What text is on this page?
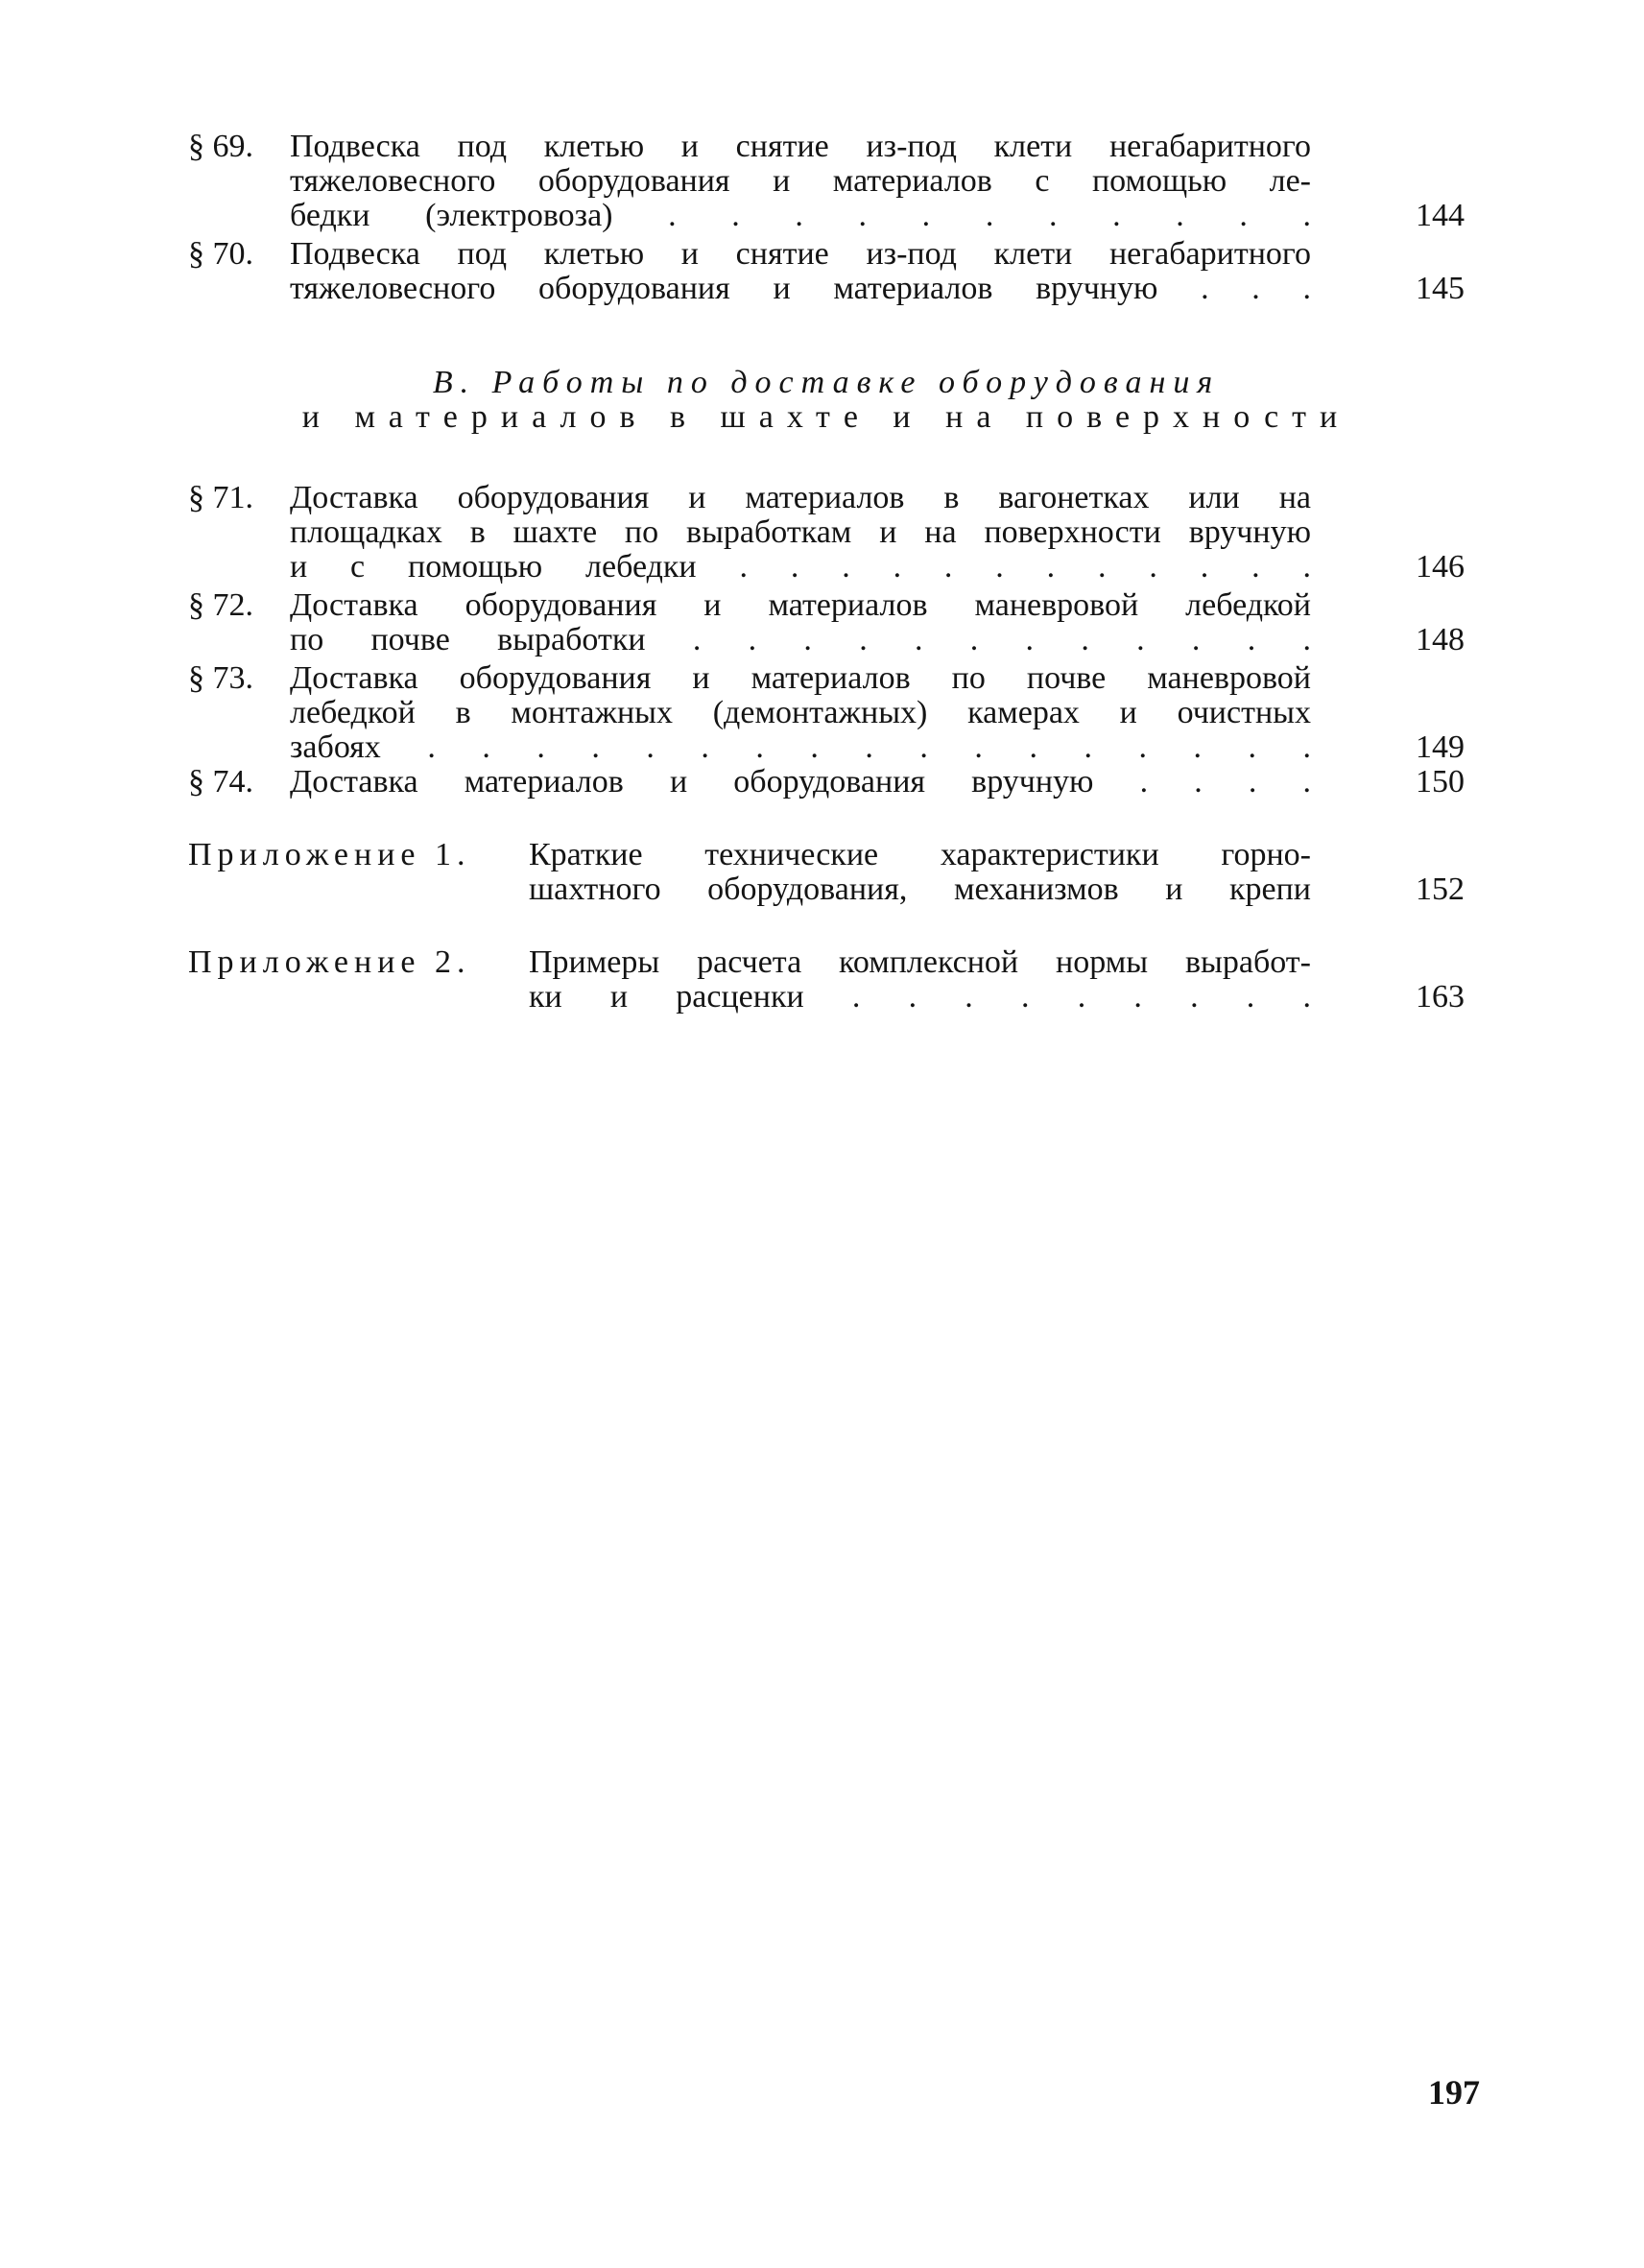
§ 69. Подвеска под клетью и снятие из-под клети негабаритного
тяжеловесного оборудования и материалов с помощью ле-
бедки (электровоза) . . . . . . . . . . .	144
§ 70. Подвеска под клетью и снятие из-под клети негабаритного
тяжеловесного оборудования и материалов вручную . . .	145
В. Работы по доставке оборудования
и материалов в шахте и на поверхности
§ 71. Доставка оборудования и материалов в вагонетках или на
площадках в шахте по выработкам и на поверхности вручную
и с помощью лебедки . . . . . . . . . . . .	146
§ 72. Доставка оборудования и материалов маневровой лебедкой
по почве выработки . . . . . . . . . . . .	148
§ 73. Доставка оборудования и материалов по почве маневровой
лебедкой в монтажных (демонтажных) камерах и очистных
забоях . . . . . . . . . . . . . . . . .	149
§ 74. Доставка материалов и оборудования вручную . . . .	150
Приложение 1. Краткие технические характеристики горно-
шахтного оборудования, механизмов и крепи	152
Приложение 2. Примеры расчета комплексной нормы выработ-
ки и расценки . . . . . . . . .	163
197
